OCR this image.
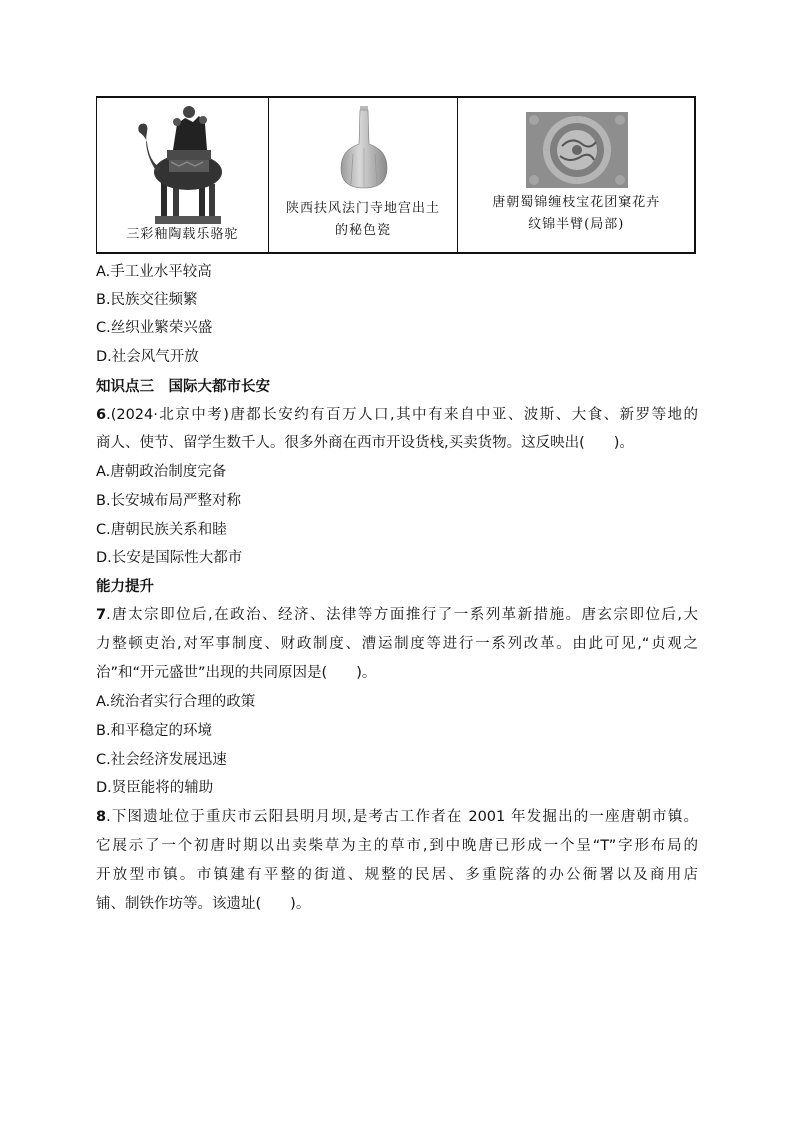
三彩釉陶载乐骆驼
陕西扶风法门寺地宫出土
的秘色瓷
唐朝蜀锦缠枝宝花团窠花卉
纹锦半臂(局部)
A.手工业水平较高
B.民族交往频繁
C.丝织业繁荣兴盛
D.社会风气开放
知识点三　国际大都市长安
6.(2024·北京中考)唐都长安约有百万人口,其中有来自中亚、波斯、大食、新罗等地的
商人、使节、留学生数千人。很多外商在西市开设货栈,买卖货物。这反映出(　　)。
A.唐朝政治制度完备
B.长安城布局严整对称
C.唐朝民族关系和睦
D.长安是国际性大都市
能力提升
7.唐太宗即位后,在政治、经济、法律等方面推行了一系列革新措施。唐玄宗即位后,大
力整顿吏治,对军事制度、财政制度、漕运制度等进行一系列改革。由此可见,“贞观之
治”和“开元盛世”出现的共同原因是(　　)。
A.统治者实行合理的政策
B.和平稳定的环境
C.社会经济发展迅速
D.贤臣能将的辅助
8.下图遗址位于重庆市云阳县明月坝,是考古工作者在 2001 年发掘出的一座唐朝市镇。
它展示了一个初唐时期以出卖柴草为主的草市,到中晚唐已形成一个呈“T”字形布局的
开放型市镇。市镇建有平整的街道、规整的民居、多重院落的办公衙署以及商用店
铺、制铁作坊等。该遗址(　　)。
